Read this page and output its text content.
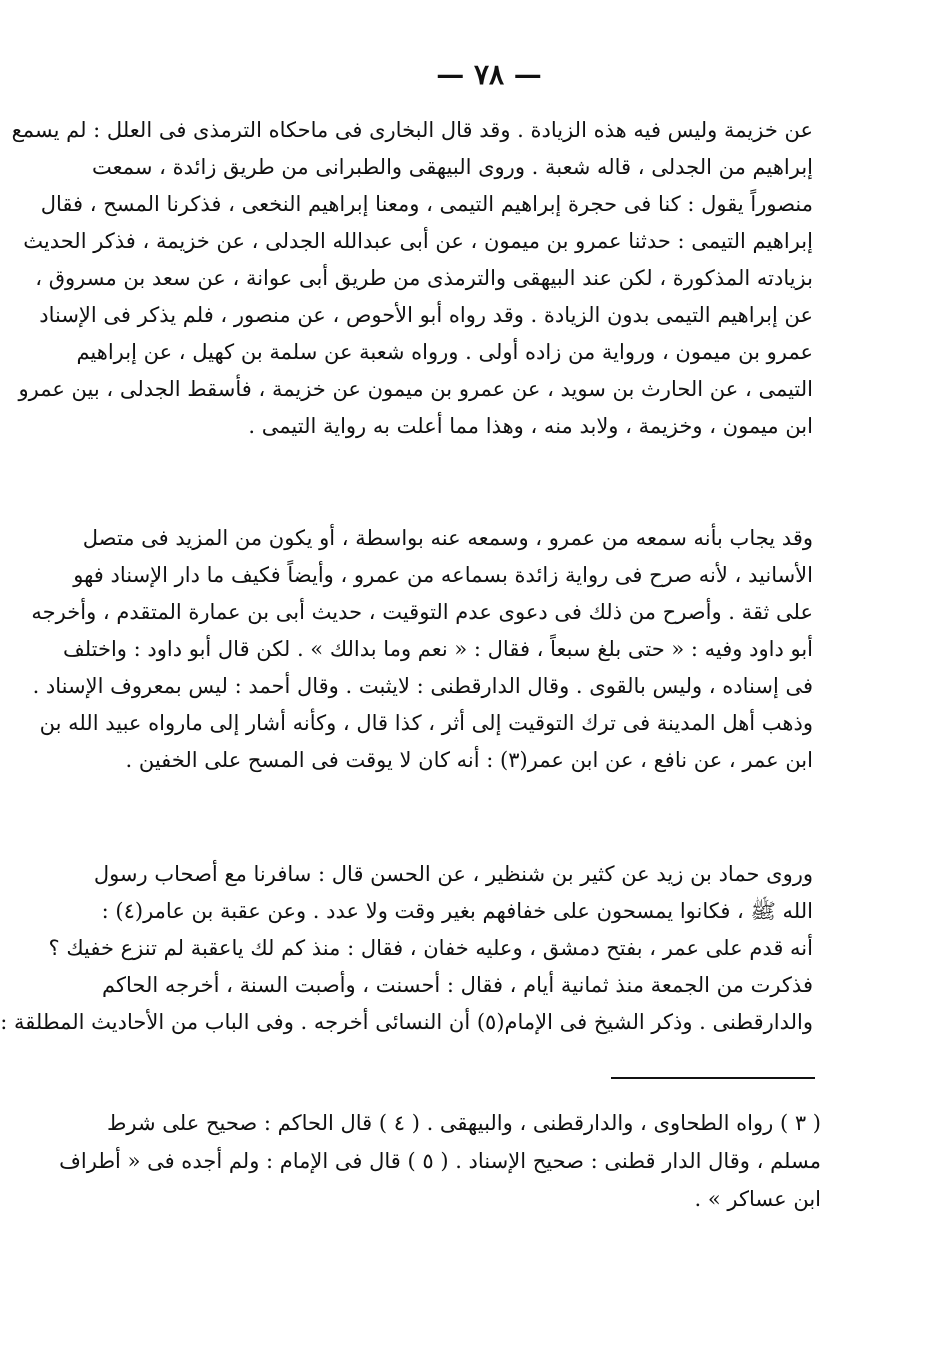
— ٧٨ —
عن خزيمة وليس فيه هذه الزيادة . وقد قال البخارى فى ماحكاه الترمذى فى العلل : لم يسمع
إبراهيم من الجدلى ، قاله شعبة . وروى البيهقى والطبرانى من طريق زائدة ، سمعت
منصوراً يقول : كنا فى حجرة إبراهيم التيمى ، ومعنا إبراهيم النخعى ، فذكرنا المسح ، فقال
إبراهيم التيمى : حدثنا عمرو بن ميمون ، عن أبى عبدالله الجدلى ، عن خزيمة ، فذكر الحديث
بزيادته المذكورة ، لكن عند البيهقى والترمذى من طريق أبى عوانة ، عن سعد بن مسروق ،
عن إبراهيم التيمى بدون الزيادة . وقد رواه أبو الأحوص ، عن منصور ، فلم يذكر فى الإسناد
عمرو بن ميمون ، ورواية من زاده أولى . ورواه شعبة عن سلمة بن كهيل ، عن إبراهيم
التيمى ، عن الحارث بن سويد ، عن عمرو بن ميمون عن خزيمة ، فأسقط الجدلى ، بين عمرو
ابن ميمون ، وخزيمة ، ولابد منه ، وهذا مما أعلت به رواية التيمى .
وقد يجاب بأنه سمعه من عمرو ، وسمعه عنه بواسطة ، أو يكون من المزيد فى متصل
الأسانيد ، لأنه صرح فى رواية زائدة بسماعه من عمرو ، وأيضاً فكيف ما دار الإسناد فهو
على ثقة . وأصرح من ذلك فى دعوى عدم التوقيت ، حديث أبى بن عمارة المتقدم ، وأخرجه
أبو داود وفيه : « حتى بلغ سبعاً ، فقال : « نعم وما بدالك » . لكن قال أبو داود : واختلف
فى إسناده ، وليس بالقوى . وقال الدارقطنى : لايثبت . وقال أحمد : ليس بمعروف الإسناد .
وذهب أهل المدينة فى ترك التوقيت إلى أثر ، كذا قال ، وكأنه أشار إلى مارواه عبيد الله بن
ابن عمر ، عن نافع ، عن ابن عمر(٣) : أنه كان لا يوقت فى المسح على الخفين .
وروى حماد بن زيد عن كثير بن شنظير ، عن الحسن قال : سافرنا مع أصحاب رسول
الله ﷺ ، فكانوا يمسحون على خفافهم بغير وقت ولا عدد . وعن عقبة بن عامر(٤) :
أنه قدم على عمر ، بفتح دمشق ، وعليه خفان ، فقال : منذ كم لك ياعقبة لم تنزع خفيك ؟
فذكرت من الجمعة منذ ثمانية أيام ، فقال : أحسنت ، وأصبت السنة ، أخرجه الحاكم
والدارقطنى . وذكر الشيخ فى الإمام(٥) أن النسائى أخرجه . وفى الباب من الأحاديث المطلقة :
( ٣ ) رواه الطحاوى ، والدارقطنى ، والبيهقى . ( ٤ ) قال الحاكم : صحيح على شرط
مسلم ، وقال الدار قطنى : صحيح الإسناد . ( ٥ ) قال فى الإمام : ولم أجده فى « أطراف
ابن عساكر » .
